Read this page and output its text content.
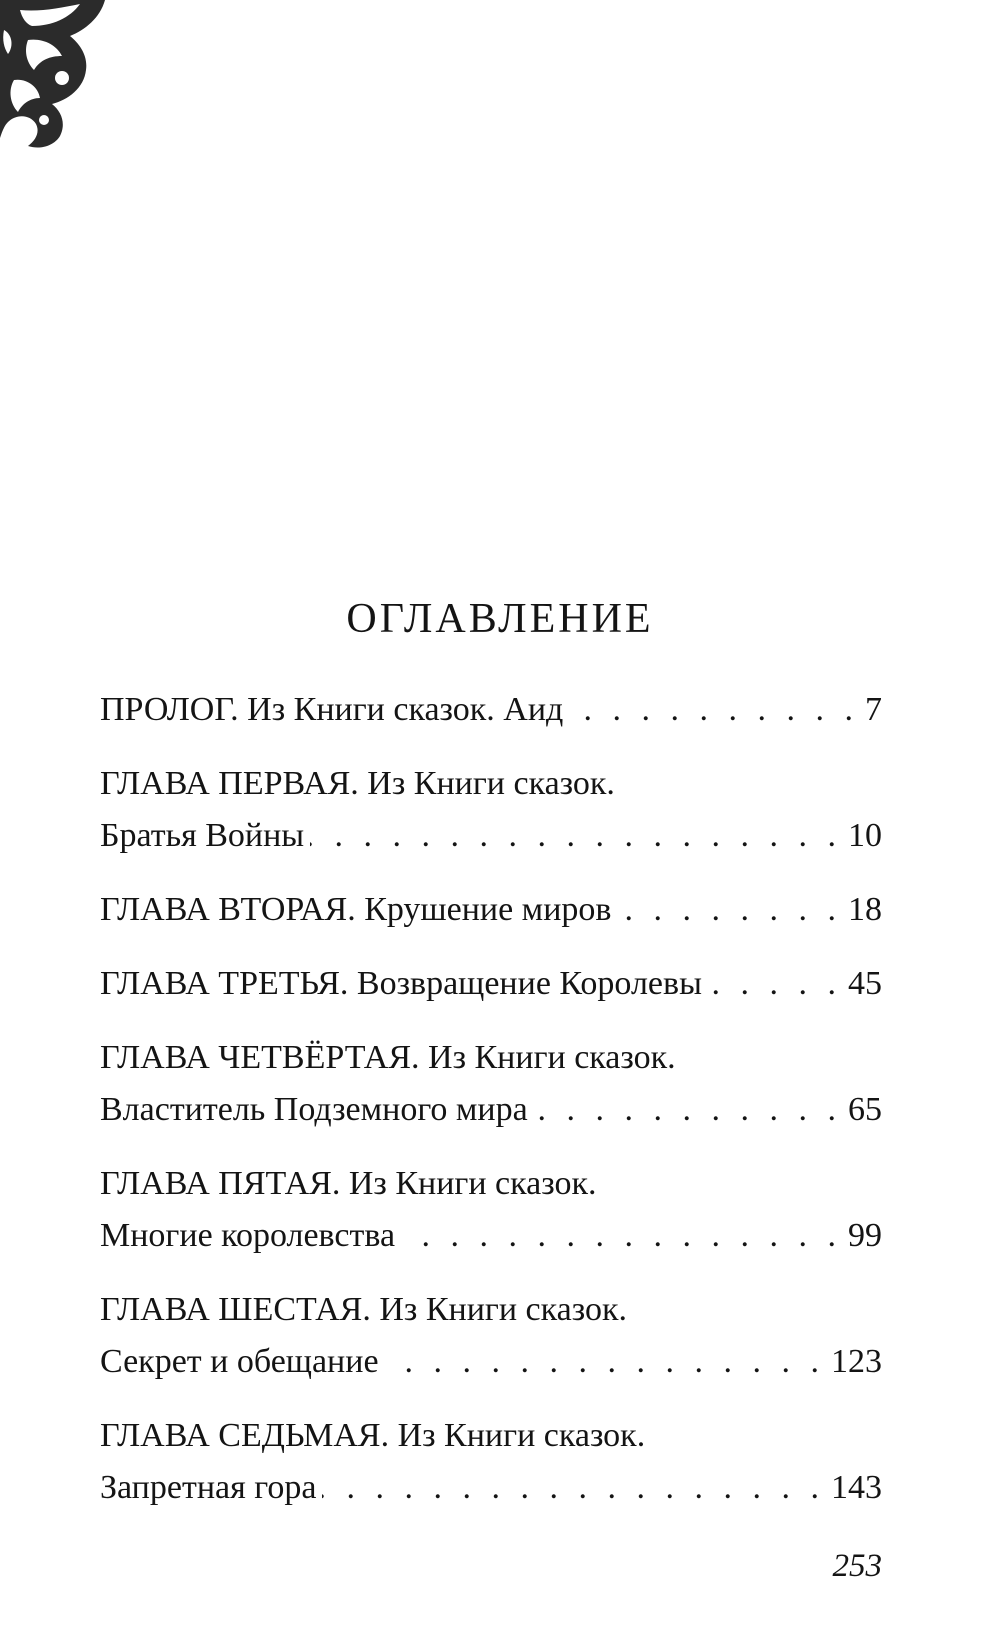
ОГЛАВЛЕНИЕ
ПРОЛОГ. Из Книги сказок. Аид . . .	7
ГЛАВА ПЕРВАЯ. Из Книги сказок.
Братья Войны . . .	10
ГЛАВА ВТОРАЯ. Крушение миров . . .	18
ГЛАВА ТРЕТЬЯ. Возвращение Королевы . . .	45
ГЛАВА ЧЕТВЁРТАЯ. Из Книги сказок.
Властитель Подземного мира . . .	65
ГЛАВА ПЯТАЯ. Из Книги сказок.
Многие королевства . . .	99
ГЛАВА ШЕСТАЯ. Из Книги сказок.
Секрет и обещание . . .	123
ГЛАВА СЕДЬМАЯ. Из Книги сказок.
Запретная гора . . .	143
253
